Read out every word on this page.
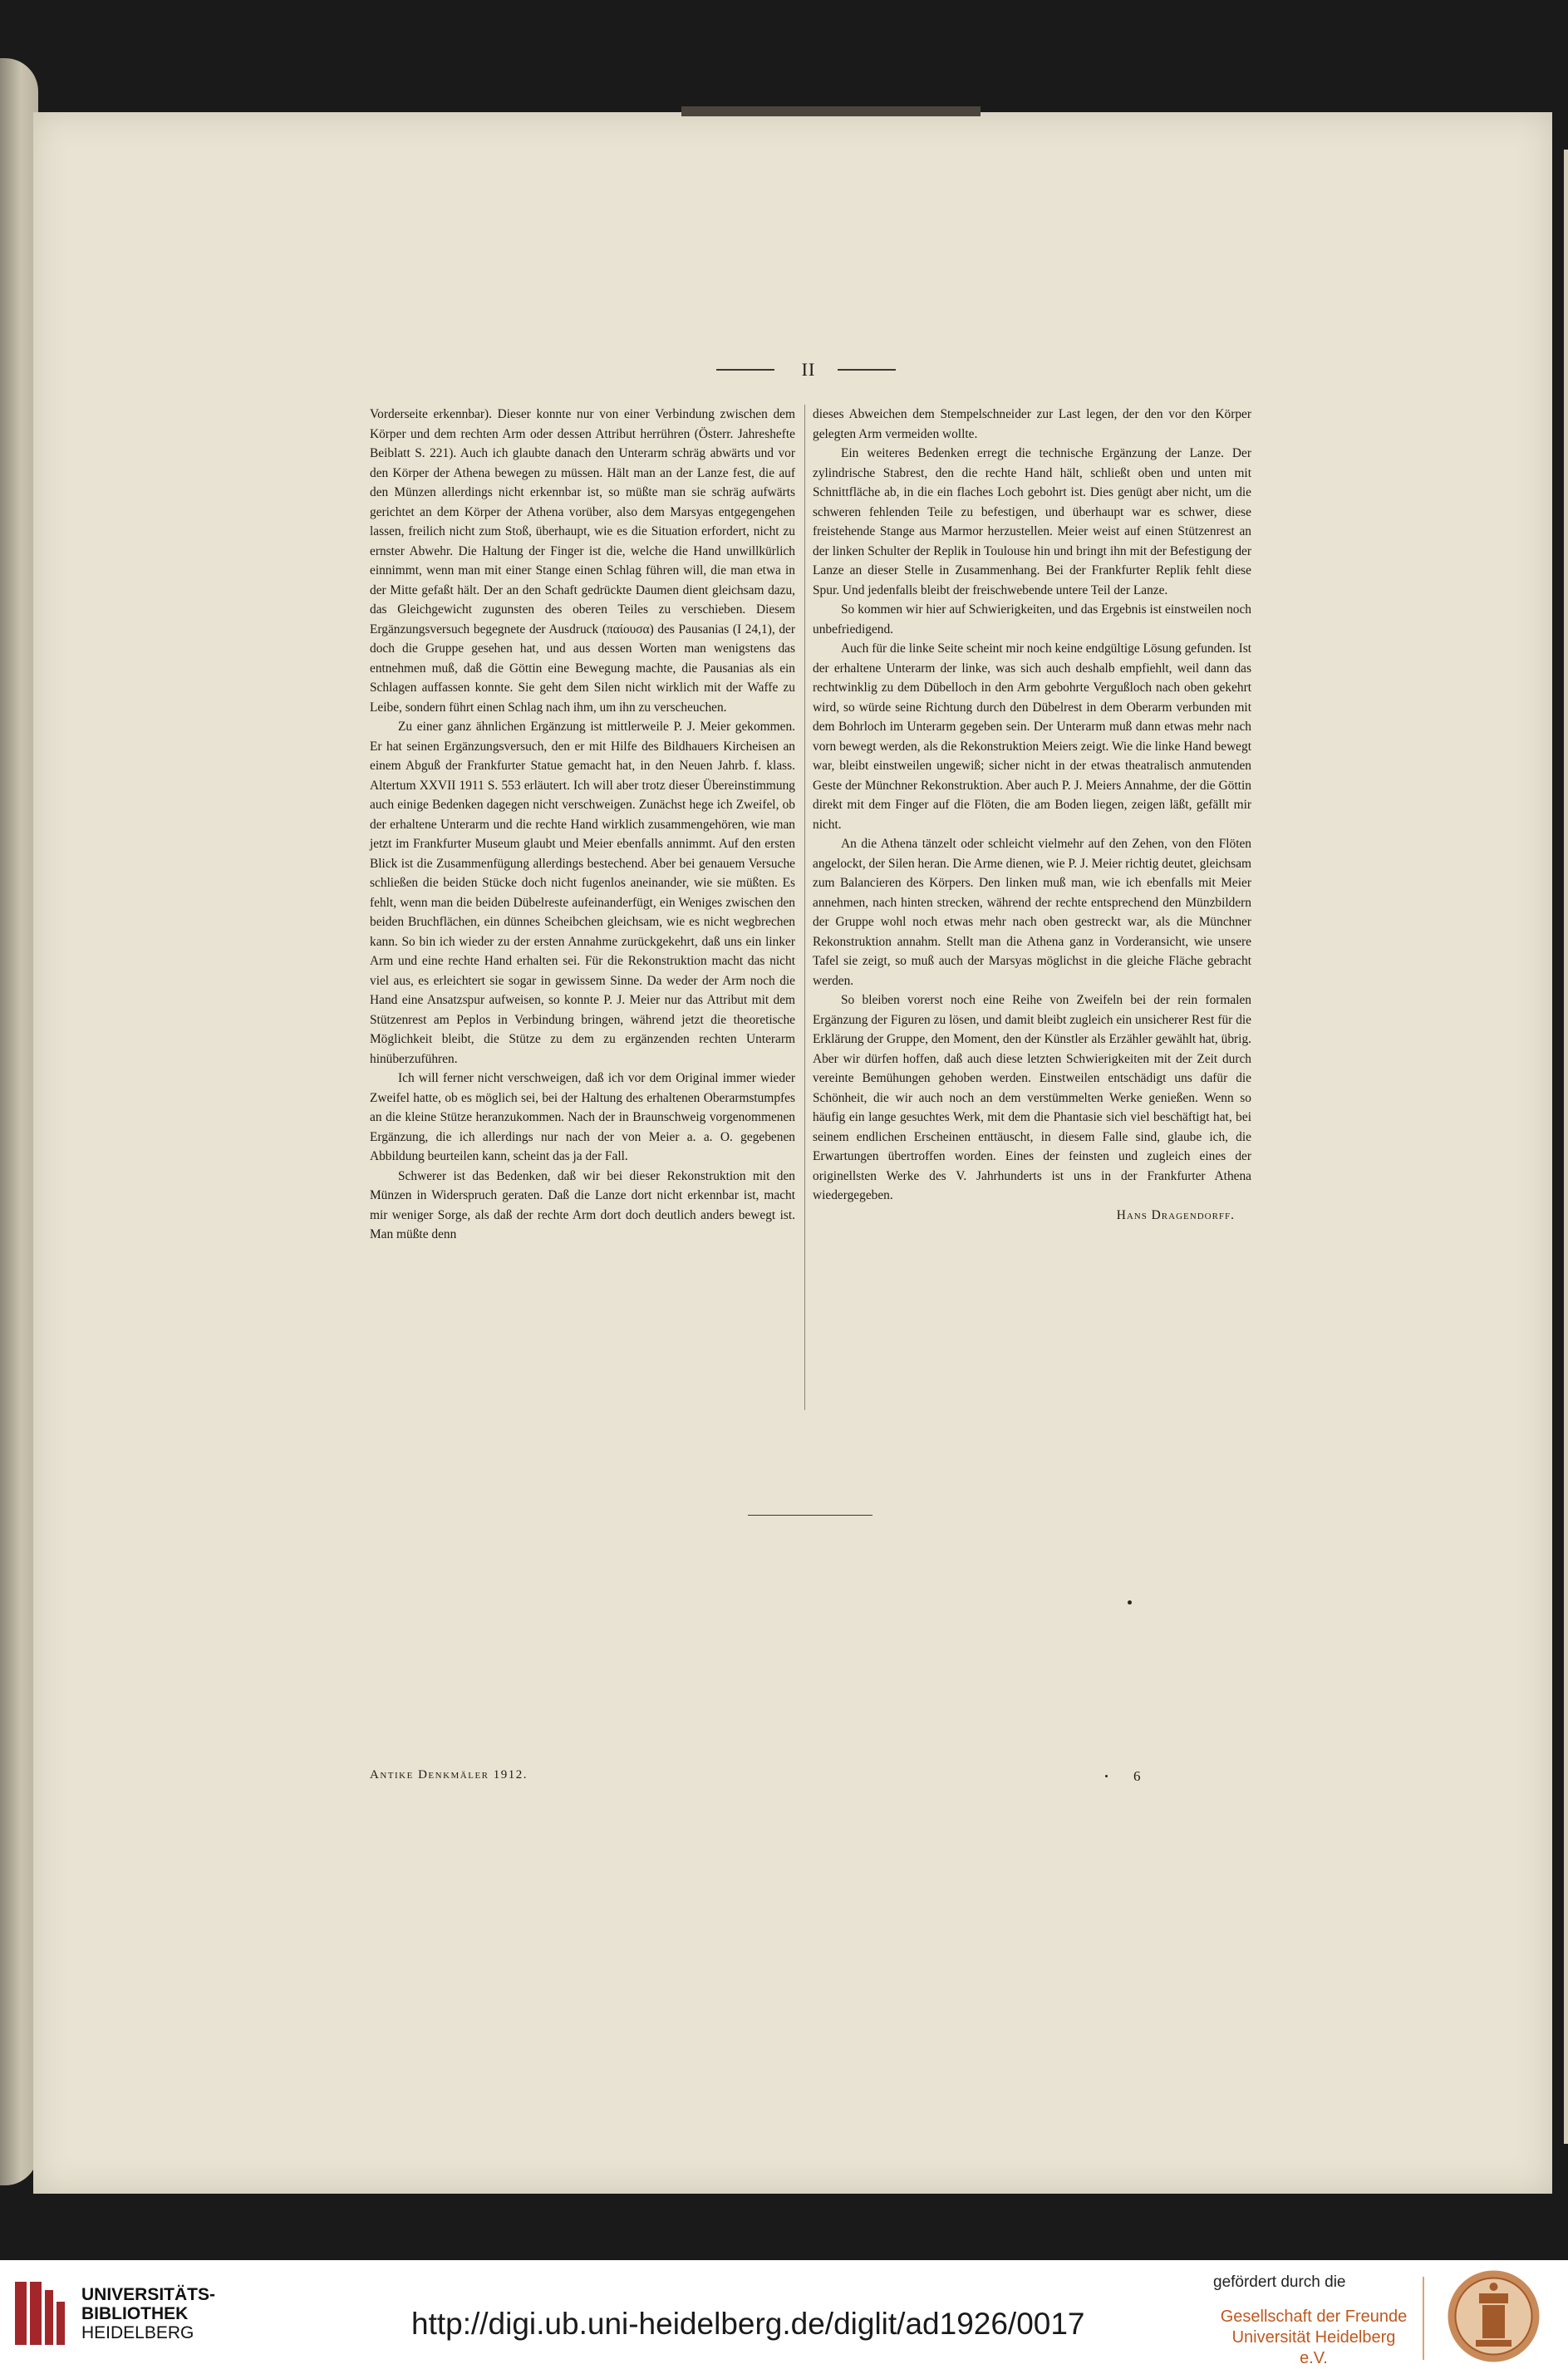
II

Vorderseite erkennbar). Dieser konnte nur von einer Verbindung zwischen dem Körper und dem rechten Arm oder dessen Attribut herrühren (Österr. Jahreshefte Beiblatt S. 221). Auch ich glaubte danach den Unterarm schräg abwärts und vor den Körper der Athena bewegen zu müssen. Hält man an der Lanze fest, die auf den Münzen allerdings nicht erkennbar ist, so müßte man sie schräg aufwärts gerichtet an dem Körper der Athena vorüber, also dem Marsyas entgegengehen lassen, freilich nicht zum Stoß, überhaupt, wie es die Situation erfordert, nicht zu ernster Abwehr. Die Haltung der Finger ist die, welche die Hand unwillkürlich einnimmt, wenn man mit einer Stange einen Schlag führen will, die man etwa in der Mitte gefaßt hält. Der an den Schaft gedrückte Daumen dient gleichsam dazu, das Gleichgewicht zugunsten des oberen Teiles zu verschieben. Diesem Ergänzungsversuch begegnete der Ausdruck (παίουσα) des Pausanias (I 24,1), der doch die Gruppe gesehen hat, und aus dessen Worten man wenigstens das entnehmen muß, daß die Göttin eine Bewegung machte, die Pausanias als ein Schlagen auffassen konnte. Sie geht dem Silen nicht wirklich mit der Waffe zu Leibe, sondern führt einen Schlag nach ihm, um ihn zu verscheuchen.

Zu einer ganz ähnlichen Ergänzung ist mittlerweile P. J. Meier gekommen. Er hat seinen Ergänzungsversuch, den er mit Hilfe des Bildhauers Kircheisen an einem Abguß der Frankfurter Statue gemacht hat, in den Neuen Jahrb. f. klass. Altertum XXVII 1911 S. 553 erläutert. Ich will aber trotz dieser Übereinstimmung auch einige Bedenken dagegen nicht verschweigen. Zunächst hege ich Zweifel, ob der erhaltene Unterarm und die rechte Hand wirklich zusammengehören, wie man jetzt im Frankfurter Museum glaubt und Meier ebenfalls annimmt. Auf den ersten Blick ist die Zusammenfügung allerdings bestechend. Aber bei genauem Versuche schließen die beiden Stücke doch nicht fugenlos aneinander, wie sie müßten. Es fehlt, wenn man die beiden Dübelreste aufeinanderfügt, ein Weniges zwischen den beiden Bruchflächen, ein dünnes Scheibchen gleichsam, wie es nicht wegbrechen kann. So bin ich wieder zu der ersten Annahme zurückgekehrt, daß uns ein linker Arm und eine rechte Hand erhalten sei. Für die Rekonstruktion macht das nicht viel aus, es erleichtert sie sogar in gewissem Sinne. Da weder der Arm noch die Hand eine Ansatzspur aufweisen, so konnte P. J. Meier nur das Attribut mit dem Stützenrest am Peplos in Verbindung bringen, während jetzt die theoretische Möglichkeit bleibt, die Stütze zu dem zu ergänzenden rechten Unterarm hinüberzuführen.

Ich will ferner nicht verschweigen, daß ich vor dem Original immer wieder Zweifel hatte, ob es möglich sei, bei der Haltung des erhaltenen Oberarmstumpfes an die kleine Stütze heranzukommen. Nach der in Braunschweig vorgenommenen Ergänzung, die ich allerdings nur nach der von Meier a. a. O. gegebenen Abbildung beurteilen kann, scheint das ja der Fall.

Schwerer ist das Bedenken, daß wir bei dieser Rekonstruktion mit den Münzen in Widerspruch geraten. Daß die Lanze dort nicht erkennbar ist, macht mir weniger Sorge, als daß der rechte Arm dort doch deutlich anders bewegt ist. Man müßte denn

dieses Abweichen dem Stempelschneider zur Last legen, der den vor den Körper gelegten Arm vermeiden wollte.

Ein weiteres Bedenken erregt die technische Ergänzung der Lanze. Der zylindrische Stabrest, den die rechte Hand hält, schließt oben und unten mit Schnittfläche ab, in die ein flaches Loch gebohrt ist. Dies genügt aber nicht, um die schweren fehlenden Teile zu befestigen, und überhaupt war es schwer, diese freistehende Stange aus Marmor herzustellen. Meier weist auf einen Stützenrest an der linken Schulter der Replik in Toulouse hin und bringt ihn mit der Befestigung der Lanze an dieser Stelle in Zusammenhang. Bei der Frankfurter Replik fehlt diese Spur. Und jedenfalls bleibt der freischwebende untere Teil der Lanze.

So kommen wir hier auf Schwierigkeiten, und das Ergebnis ist einstweilen noch unbefriedigend.

Auch für die linke Seite scheint mir noch keine endgültige Lösung gefunden. Ist der erhaltene Unterarm der linke, was sich auch deshalb empfiehlt, weil dann das rechtwinklig zu dem Dübelloch in den Arm gebohrte Vergußloch nach oben gekehrt wird, so würde seine Richtung durch den Dübelrest in dem Oberarm verbunden mit dem Bohrloch im Unterarm gegeben sein. Der Unterarm muß dann etwas mehr nach vorn bewegt werden, als die Rekonstruktion Meiers zeigt. Wie die linke Hand bewegt war, bleibt einstweilen ungewiß; sicher nicht in der etwas theatralisch anmutenden Geste der Münchner Rekonstruktion. Aber auch P. J. Meiers Annahme, der die Göttin direkt mit dem Finger auf die Flöten, die am Boden liegen, zeigen läßt, gefällt mir nicht.

An die Athena tänzelt oder schleicht vielmehr auf den Zehen, von den Flöten angelockt, der Silen heran. Die Arme dienen, wie P. J. Meier richtig deutet, gleichsam zum Balancieren des Körpers. Den linken muß man, wie ich ebenfalls mit Meier annehmen, nach hinten strecken, während der rechte entsprechend den Münzbildern der Gruppe wohl noch etwas mehr nach oben gestreckt war, als die Münchner Rekonstruktion annahm. Stellt man die Athena ganz in Vorderansicht, wie unsere Tafel sie zeigt, so muß auch der Marsyas möglichst in die gleiche Fläche gebracht werden.

So bleiben vorerst noch eine Reihe von Zweifeln bei der rein formalen Ergänzung der Figuren zu lösen, und damit bleibt zugleich ein unsicherer Rest für die Erklärung der Gruppe, den Moment, den der Künstler als Erzähler gewählt hat, übrig. Aber wir dürfen hoffen, daß auch diese letzten Schwierigkeiten mit der Zeit durch vereinte Bemühungen gehoben werden. Einstweilen entschädigt uns dafür die Schönheit, die wir auch noch an dem verstümmelten Werke genießen. Wenn so häufig ein lange gesuchtes Werk, mit dem die Phantasie sich viel beschäftigt hat, bei seinem endlichen Erscheinen enttäuscht, in diesem Falle sind, glaube ich, die Erwartungen übertroffen worden. Eines der feinsten und zugleich eines der originellsten Werke des V. Jahrhunderts ist uns in der Frankfurter Athena wiedergegeben.

Hans Dragendorff.
Antike Denkmäler 1912.	6
UNIVERSITÄTS-
BIBLIOTHEK
HEIDELBERG	http://digi.ub.uni-heidelberg.de/diglit/ad1926/0017
gefördert durch die
Gesellschaft der Freunde
Universität Heidelberg e.V.
